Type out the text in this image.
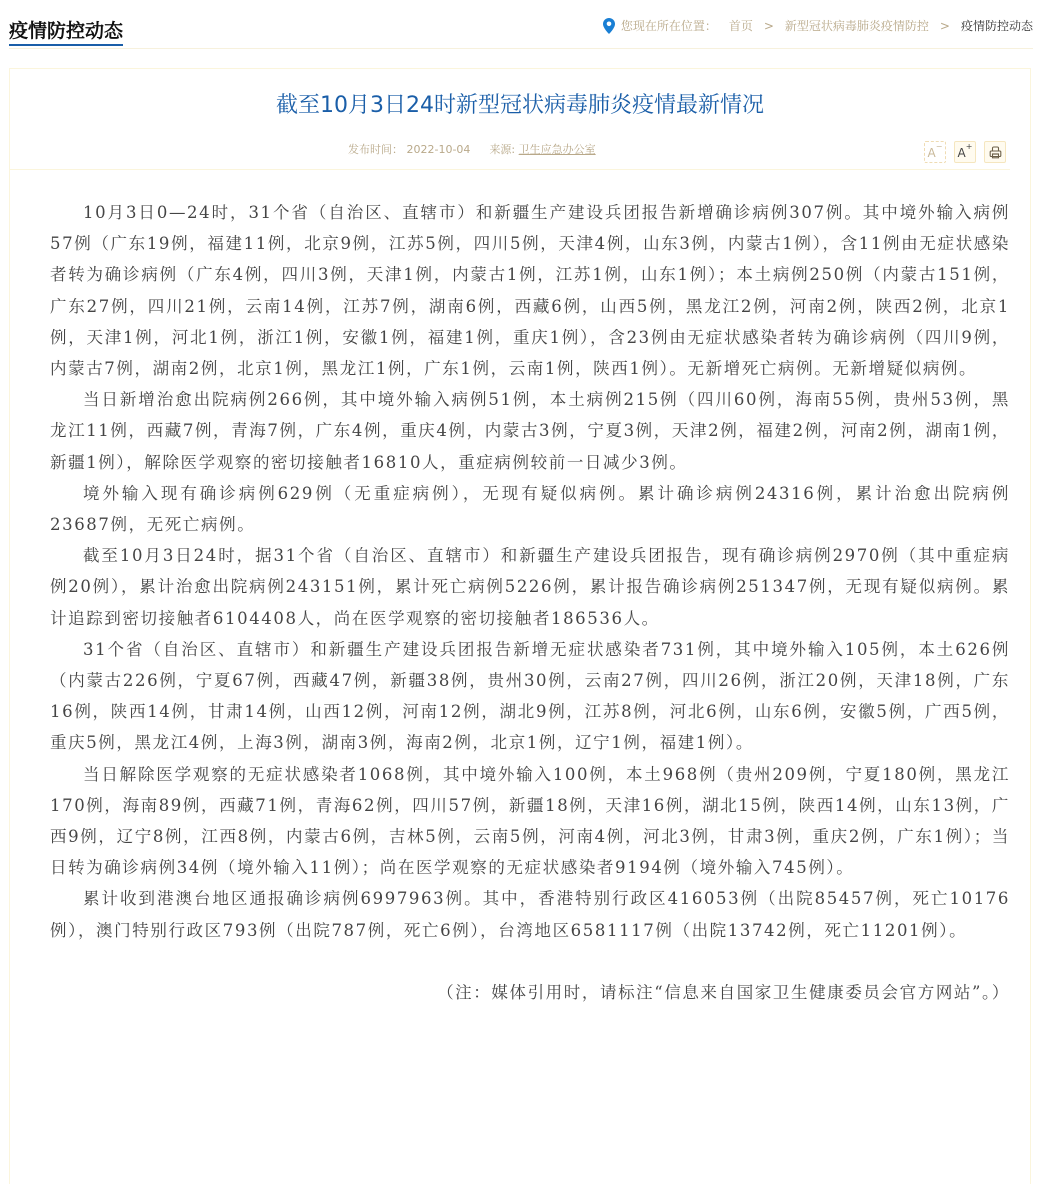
疫情防控动态	您现在所在位置： 首页 > 新型冠状病毒肺炎疫情防控 > 疫情防控动态
截至10月3日24时新型冠状病毒肺炎疫情最新情况
发布时间： 2022-10-04 来源: 卫生应急办公室	A− A+

10月3日0—24时，31个省（自治区、直辖市）和新疆生产建设兵团报告新增确诊病例307例。其中境外输入病例57例（广东19例，福建11例，北京9例，江苏5例，四川5例，天津4例，山东3例，内蒙古1例），含11例由无症状感染者转为确诊病例（广东4例，四川3例，天津1例，内蒙古1例，江苏1例，山东1例）；本土病例250例（内蒙古151例，广东27例，四川21例，云南14例，江苏7例，湖南6例，西藏6例，山西5例，黑龙江2例，河南2例，陕西2例，北京1例，天津1例，河北1例，浙江1例，安徽1例，福建1例，重庆1例），含23例由无症状感染者转为确诊病例（四川9例，内蒙古7例，湖南2例，北京1例，黑龙江1例，广东1例，云南1例，陕西1例）。无新增死亡病例。无新增疑似病例。

当日新增治愈出院病例266例，其中境外输入病例51例，本土病例215例（四川60例，海南55例，贵州53例，黑龙江11例，西藏7例，青海7例，广东4例，重庆4例，内蒙古3例，宁夏3例，天津2例，福建2例，河南2例，湖南1例，新疆1例），解除医学观察的密切接触者16810人，重症病例较前一日减少3例。

境外输入现有确诊病例629例（无重症病例），无现有疑似病例。累计确诊病例24316例，累计治愈出院病例23687例，无死亡病例。

截至10月3日24时，据31个省（自治区、直辖市）和新疆生产建设兵团报告，现有确诊病例2970例（其中重症病例20例），累计治愈出院病例243151例，累计死亡病例5226例，累计报告确诊病例251347例，无现有疑似病例。累计追踪到密切接触者6104408人，尚在医学观察的密切接触者186536人。

31个省（自治区、直辖市）和新疆生产建设兵团报告新增无症状感染者731例，其中境外输入105例，本土626例（内蒙古226例，宁夏67例，西藏47例，新疆38例，贵州30例，云南27例，四川26例，浙江20例，天津18例，广东16例，陕西14例，甘肃14例，山西12例，河南12例，湖北9例，江苏8例，河北6例，山东6例，安徽5例，广西5例，重庆5例，黑龙江4例，上海3例，湖南3例，海南2例，北京1例，辽宁1例，福建1例）。

当日解除医学观察的无症状感染者1068例，其中境外输入100例，本土968例（贵州209例，宁夏180例，黑龙江170例，海南89例，西藏71例，青海62例，四川57例，新疆18例，天津16例，湖北15例，陕西14例，山东13例，广西9例，辽宁8例，江西8例，内蒙古6例，吉林5例，云南5例，河南4例，河北3例，甘肃3例，重庆2例，广东1例）；当日转为确诊病例34例（境外输入11例）；尚在医学观察的无症状感染者9194例（境外输入745例）。

累计收到港澳台地区通报确诊病例6997963例。其中，香港特别行政区416053例（出院85457例，死亡10176例），澳门特别行政区793例（出院787例，死亡6例），台湾地区6581117例（出院13742例，死亡11201例）。

（注：媒体引用时，请标注“信息来自国家卫生健康委员会官方网站”。）
